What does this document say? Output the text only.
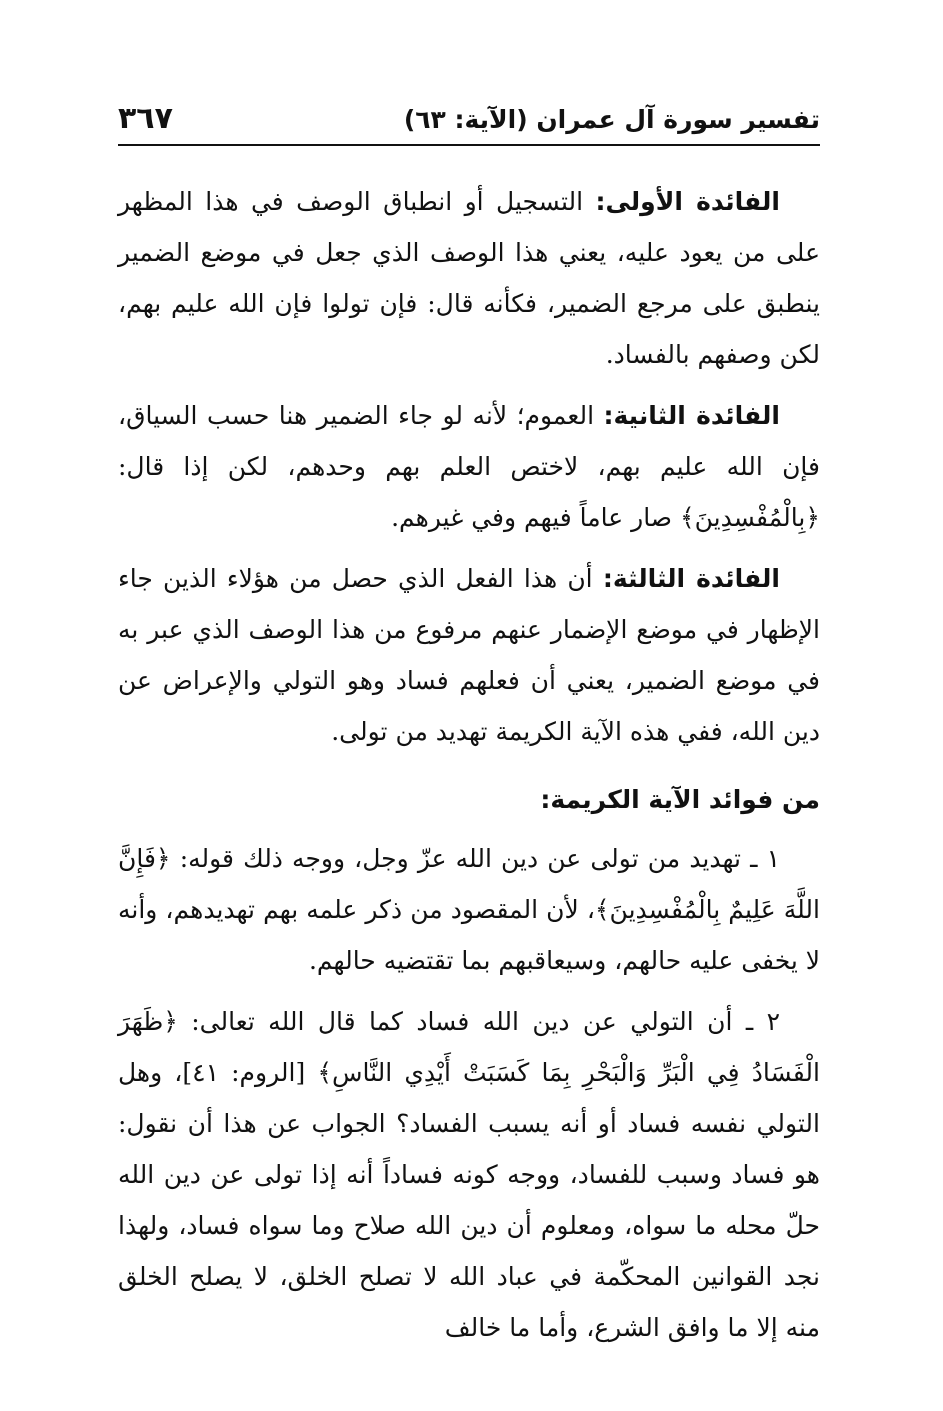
تفسير سورة آل عمران (الآية: ٦٣)
٣٦٧

الفائدة الأولى: التسجيل أو انطباق الوصف في هذا المظهر على من يعود عليه، يعني هذا الوصف الذي جعل في موضع الضمير ينطبق على مرجع الضمير، فكأنه قال: فإن تولوا فإن الله عليم بهم، لكن وصفهم بالفساد.

الفائدة الثانية: العموم؛ لأنه لو جاء الضمير هنا حسب السياق، فإن الله عليم بهم، لاختص العلم بهم وحدهم، لكن إذا قال: ﴿بِالْمُفْسِدِينَ﴾ صار عاماً فيهم وفي غيرهم.

الفائدة الثالثة: أن هذا الفعل الذي حصل من هؤلاء الذين جاء الإظهار في موضع الإضمار عنهم مرفوع من هذا الوصف الذي عبر به في موضع الضمير، يعني أن فعلهم فساد وهو التولي والإعراض عن دين الله، ففي هذه الآية الكريمة تهديد من تولى.

من فوائد الآية الكريمة:

١ ـ تهديد من تولى عن دين الله عزّ وجل، ووجه ذلك قوله: ﴿فَإِنَّ اللَّهَ عَلِيمٌ بِالْمُفْسِدِينَ﴾، لأن المقصود من ذكر علمه بهم تهديدهم، وأنه لا يخفى عليه حالهم، وسيعاقبهم بما تقتضيه حالهم.

٢ ـ أن التولي عن دين الله فساد كما قال الله تعالى: ﴿ظَهَرَ الْفَسَادُ فِي الْبَرِّ وَالْبَحْرِ بِمَا كَسَبَتْ أَيْدِي النَّاسِ﴾ [الروم: ٤١]، وهل التولي نفسه فساد أو أنه يسبب الفساد؟ الجواب عن هذا أن نقول: هو فساد وسبب للفساد، ووجه كونه فساداً أنه إذا تولى عن دين الله حلّ محله ما سواه، ومعلوم أن دين الله صلاح وما سواه فساد، ولهذا نجد القوانين المحكّمة في عباد الله لا تصلح الخلق، لا يصلح الخلق منه إلا ما وافق الشرع، وأما ما خالف
